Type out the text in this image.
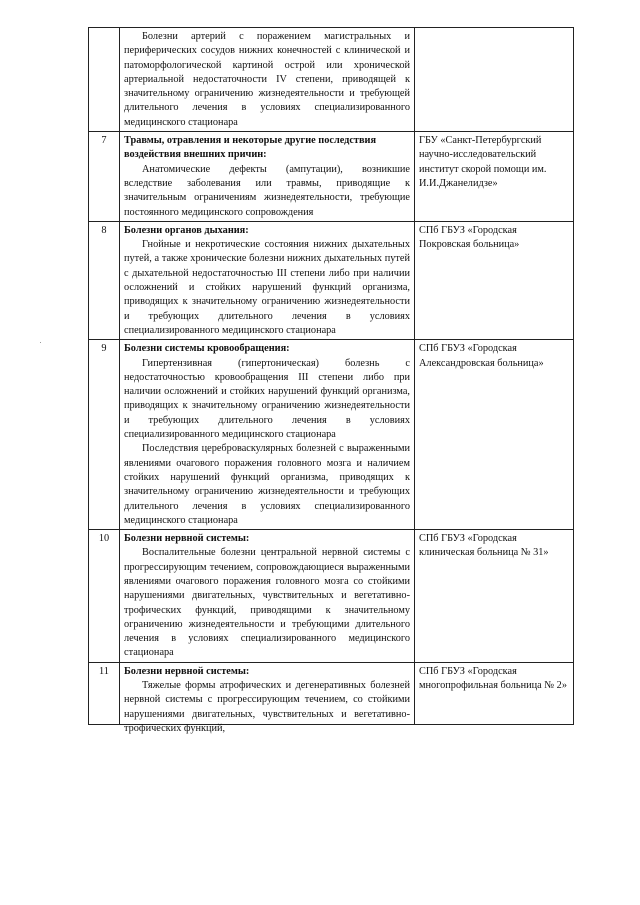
	Болезни артерий с поражением магистральных и периферических сосудов нижних конечностей с клинической и патоморфологической картиной острой или хронической артериальной недостаточности IV степени, приводящей к значительному ограничению жизнедеятельности и требующей длительного лечения в условиях специализированного медицинского стационара	

7	Травмы, отравления и некоторые другие последствия воздействия внешних причин:
Анатомические дефекты (ампутации), возникшие вследствие заболевания или травмы, приводящие к значительным ограничениям жизнедеятельности, требующие постоянного медицинского сопровождения	ГБУ «Санкт-Петербургский научно-исследовательский институт скорой помощи им. И.И.Джанелидзе»
8	Болезни органов дыхания:
Гнойные и некротические состояния нижних дыхательных путей, а также хронические болезни нижних дыхательных путей с дыхательной недостаточностью III степени либо при наличии осложнений и стойких нарушений функций организма, приводящих к значительному ограничению жизнедеятельности и требующих длительного лечения в условиях специализированного медицинского стационара	СПб ГБУЗ «Городская Покровская больница»
9	Болезни системы кровообращения:
Гипертензивная (гипертоническая) болезнь с недостаточностью кровообращения III степени либо при наличии осложнений и стойких нарушений функций организма, приводящих к значительному ограничению жизнедеятельности и требующих длительного лечения в условиях специализированного медицинского стационара
Последствия цереброваскулярных болезней с выраженными явлениями очагового поражения головного мозга и наличием стойких нарушений функций организма, приводящих к значительному ограничению жизнедеятельности и требующих длительного лечения в условиях специализированного медицинского стационара	СПб ГБУЗ «Городская Александровская больница»
10	Болезни нервной системы:
Воспалительные болезни центральной нервной системы с прогрессирующим течением, сопровождающиеся выраженными явлениями очагового поражения головного мозга со стойкими нарушениями двигательных, чувствительных и вегетативно-трофических функций, приводящими к значительному ограничению жизнедеятельности и требующими длительного лечения в условиях специализированного медицинского стационара	СПб ГБУЗ «Городская клиническая больница № 31»
11	Болезни нервной системы:
Тяжелые формы атрофических и дегенеративных болезней нервной системы с прогрессирующим течением, со стойкими нарушениями двигательных, чувствительных и вегетативно-трофических функций,	СПб ГБУЗ «Городская многопрофильная больница № 2»
